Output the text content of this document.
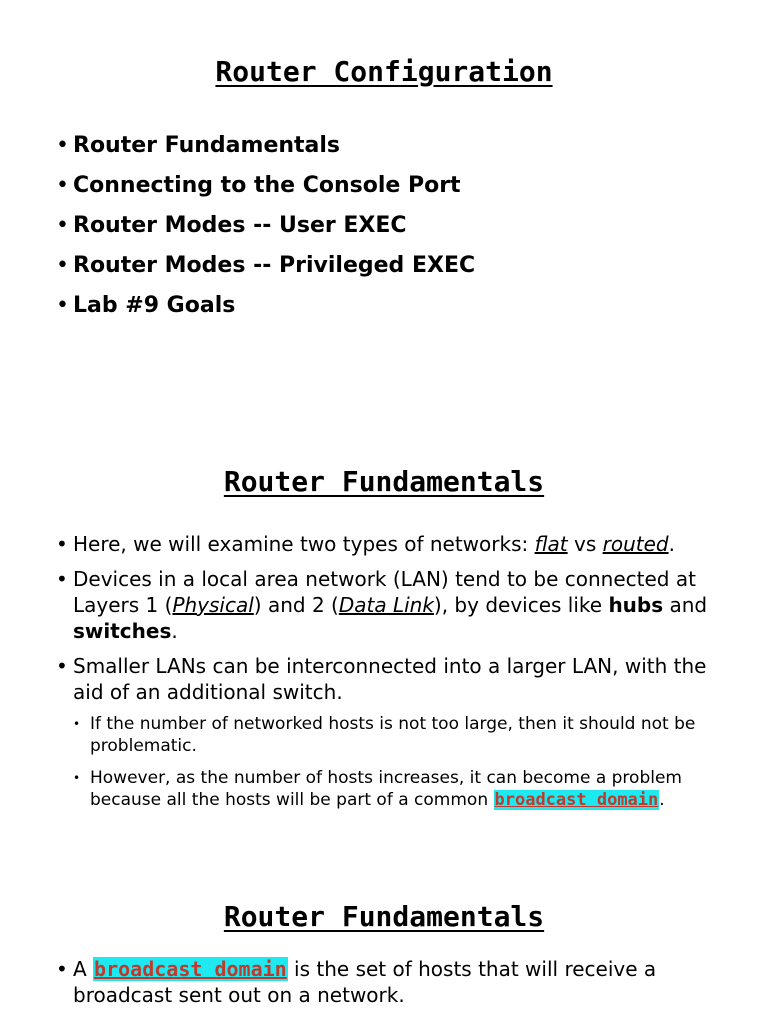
Router Configuration
• Router Fundamentals
• Connecting to the Console Port
• Router Modes -- User EXEC
• Router Modes -- Privileged EXEC
• Lab #9 Goals
Router Fundamentals
• Here, we will examine two types of networks: flat vs routed.
• Devices in a local area network (LAN) tend to be connected at Layers 1 (Physical) and 2 (Data Link), by devices like hubs and switches.
• Smaller LANs can be interconnected into a larger LAN, with the aid of an additional switch.
• If the number of networked hosts is not too large, then it should not be problematic.
• However, as the number of hosts increases, it can become a problem because all the hosts will be part of a common broadcast domain.
Router Fundamentals
• A broadcast domain is the set of hosts that will receive a broadcast sent out on a network.
